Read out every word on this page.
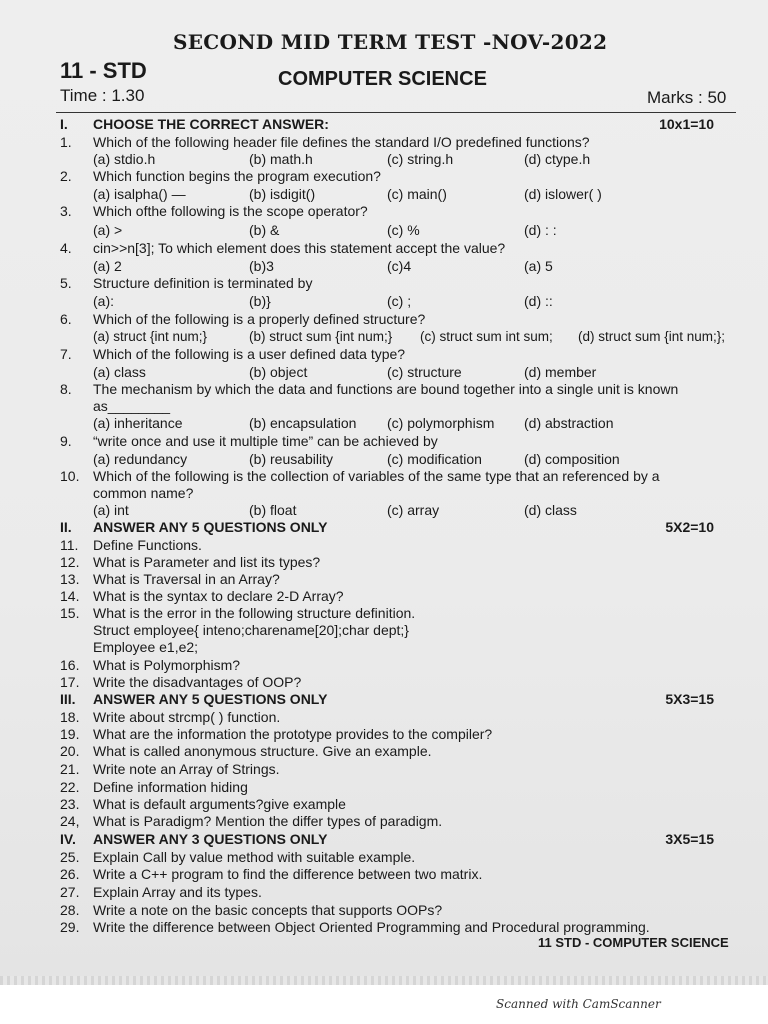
SECOND MID TERM TEST -NOV-2022
11 - STD	COMPUTER SCIENCE
Time : 1.30	Marks : 50
I. CHOOSE THE CORRECT ANSWER:	10x1=10
1. Which of the following header file defines the standard I/O predefined functions?
(a) stdio.h	(b) math.h	(c) string.h	(d) ctype.h
2. Which function begins the program execution?
(a) isalpha() —	(b) isdigit()	(c) main()	(d) islower( )
3. Which ofthe following is the scope operator?
(a) >	(b) &	(c) %	(d) : :
4. cin>>n[3]; To which element does this statement accept the value?
(a) 2	(b)3	(c)4	(a) 5
5. Structure definition is terminated by
(a):	(b)}	(c) ;	(d) ::
6. Which of the following is a properly defined structure?
(a) struct {int num;}	(b) struct sum {int num;} (c) struct sum int sum; (d) struct sum {int num;};
7. Which of the following is a user defined data type?
(a) class	(b) object	(c) structure	(d) member
8. The mechanism by which the data and functions are bound together into a single unit is known
as________
(a) inheritance	(b) encapsulation (c) polymorphism (d) abstraction
9. “write once and use it multiple time” can be achieved by
(a) redundancy	(b) reusability	(c) modification	(d) composition
10. Which of the following is the collection of variables of the same type that an referenced by a
common name?
(a) int	(b) float	(c) array	(d) class
II. ANSWER ANY 5 QUESTIONS ONLY	5X2=10
11. Define Functions.
12. What is Parameter and list its types?
13. What is Traversal in an Array?
14. What is the syntax to declare 2-D Array?
15. What is the error in the following structure definition.
Struct employee{ inteno;charename[20];char dept;}
Employee e1,e2;
16. What is Polymorphism?
17. Write the disadvantages of OOP?
III. ANSWER ANY 5 QUESTIONS ONLY	5X3=15
18. Write about strcmp( ) function.
19. What are the information the prototype provides to the compiler?
20. What is called anonymous structure. Give an example.
21. Write note an Array of Strings.
22. Define information hiding
23. What is default arguments?give example
24, What is Paradigm? Mention the differ types of paradigm.
IV. ANSWER ANY 3 QUESTIONS ONLY	3X5=15
25. Explain Call by value method with suitable example.
26. Write a C++ program to find the difference between two matrix.
27. Explain Array and its types.
28. Write a note on the basic concepts that supports OOPs?
29. Write the difference between Object Oriented Programming and Procedural programming.
11 STD - COMPUTER SCIENCE
Scanned with CamScanner
